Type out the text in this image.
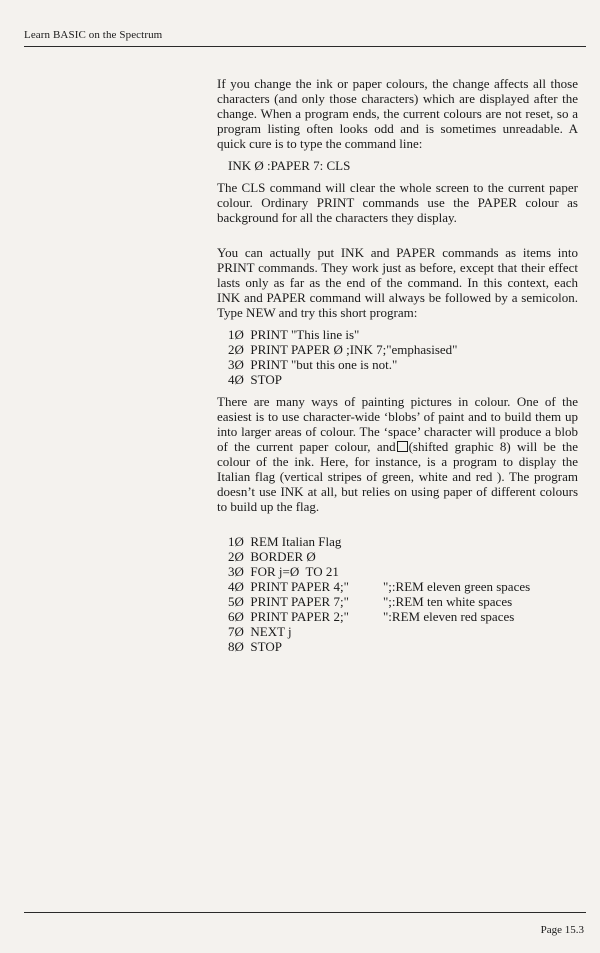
Learn BASIC on the Spectrum

If you change the ink or paper colours, the change affects all those characters (and only those characters) which are displayed after the change. When a program ends, the current colours are not reset, so a program listing often looks odd and is sometimes unreadable. A quick cure is to type the command line:

INK Ø :PAPER 7: CLS

The CLS command will clear the whole screen to the current paper colour. Ordinary PRINT commands use the PAPER colour as background for all the characters they display.

You can actually put INK and PAPER commands as items into PRINT commands. They work just as before, except that their effect lasts only as far as the end of the command. In this context, each INK and PAPER command will always be followed by a semicolon. Type NEW and try this short program:

1Ø  PRINT "This line is"
2Ø  PRINT PAPER Ø ;INK 7;"emphasised"
3Ø  PRINT "but this one is not."
4Ø  STOP

There are many ways of painting pictures in colour. One of the easiest is to use character-wide ‘blobs’ of paint and to build them up into larger areas of colour. The ‘space’ character will produce a blob of the current paper colour, and (shifted graphic 8) will be the colour of the ink. Here, for instance, is a program to display the Italian flag (vertical stripes of green, white and red ). The program doesn’t use INK at all, but relies on using paper of different colours to build up the flag.

1Ø  REM Italian Flag
2Ø  BORDER Ø
3Ø  FOR j=Ø  TO 21
4Ø  PRINT PAPER 4;"	";:REM eleven green spaces
5Ø  PRINT PAPER 7;"	";:REM ten white spaces
6Ø  PRINT PAPER 2;"	":REM eleven red spaces
7Ø  NEXT j
8Ø  STOP
Page 15.3
